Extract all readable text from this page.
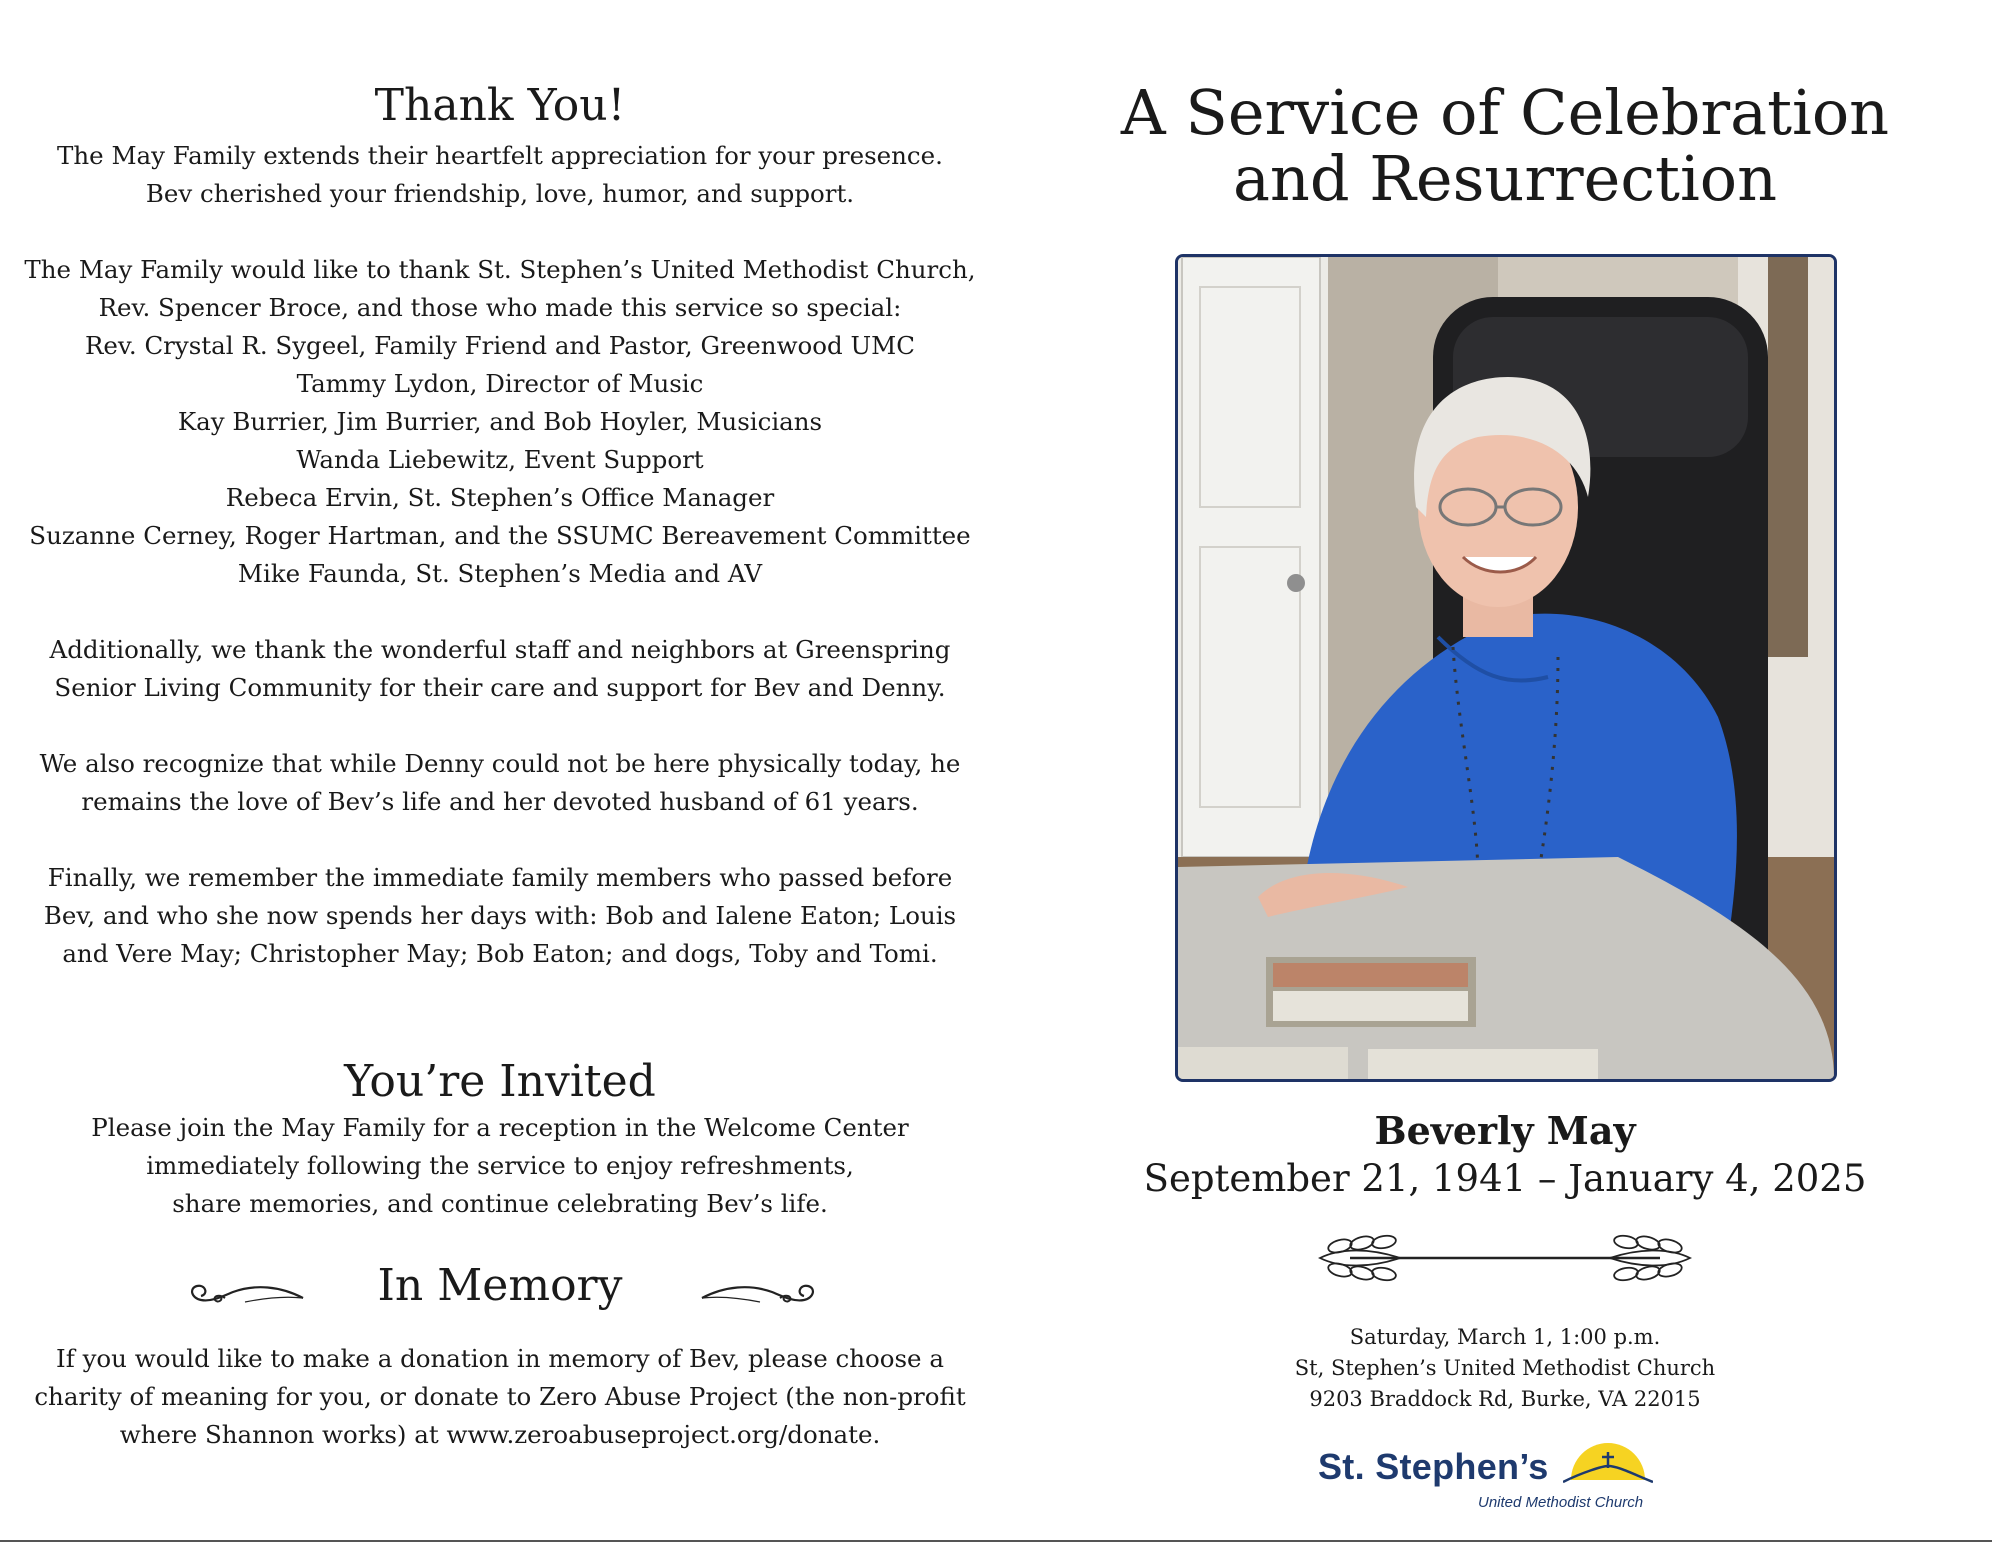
Thank You!
The May Family extends their heartfelt appreciation for your presence.
Bev cherished your friendship, love, humor, and support.
The May Family would like to thank St. Stephen’s United Methodist Church,
Rev. Spencer Broce, and those who made this service so special:
Rev. Crystal R. Sygeel, Family Friend and Pastor, Greenwood UMC
Tammy Lydon, Director of Music
Kay Burrier, Jim Burrier, and Bob Hoyler, Musicians
Wanda Liebewitz, Event Support
Rebeca Ervin, St. Stephen’s Office Manager
Suzanne Cerney, Roger Hartman, and the SSUMC Bereavement Committee
Mike Faunda, St. Stephen’s Media and AV
Additionally, we thank the wonderful staff and neighbors at Greenspring
Senior Living Community for their care and support for Bev and Denny.
We also recognize that while Denny could not be here physically today, he
remains the love of Bev’s life and her devoted husband of 61 years.
Finally, we remember the immediate family members who passed before
Bev, and who she now spends her days with: Bob and Ialene Eaton; Louis
and Vere May; Christopher May; Bob Eaton; and dogs, Toby and Tomi.
You’re Invited
Please join the May Family for a reception in the Welcome Center
immediately following the service to enjoy refreshments,
share memories, and continue celebrating Bev’s life.
In Memory
If you would like to make a donation in memory of Bev, please choose a
charity of meaning for you, or donate to Zero Abuse Project (the non-profit
where Shannon works) at www.zeroabuseproject.org/donate.
A Service of Celebration
and Resurrection
Beverly May
September 21, 1941 – January 4, 2025
Saturday, March 1, 1:00 p.m.
St, Stephen’s United Methodist Church
9203 Braddock Rd, Burke, VA 22015
St. Stephen’s
United Methodist Church
